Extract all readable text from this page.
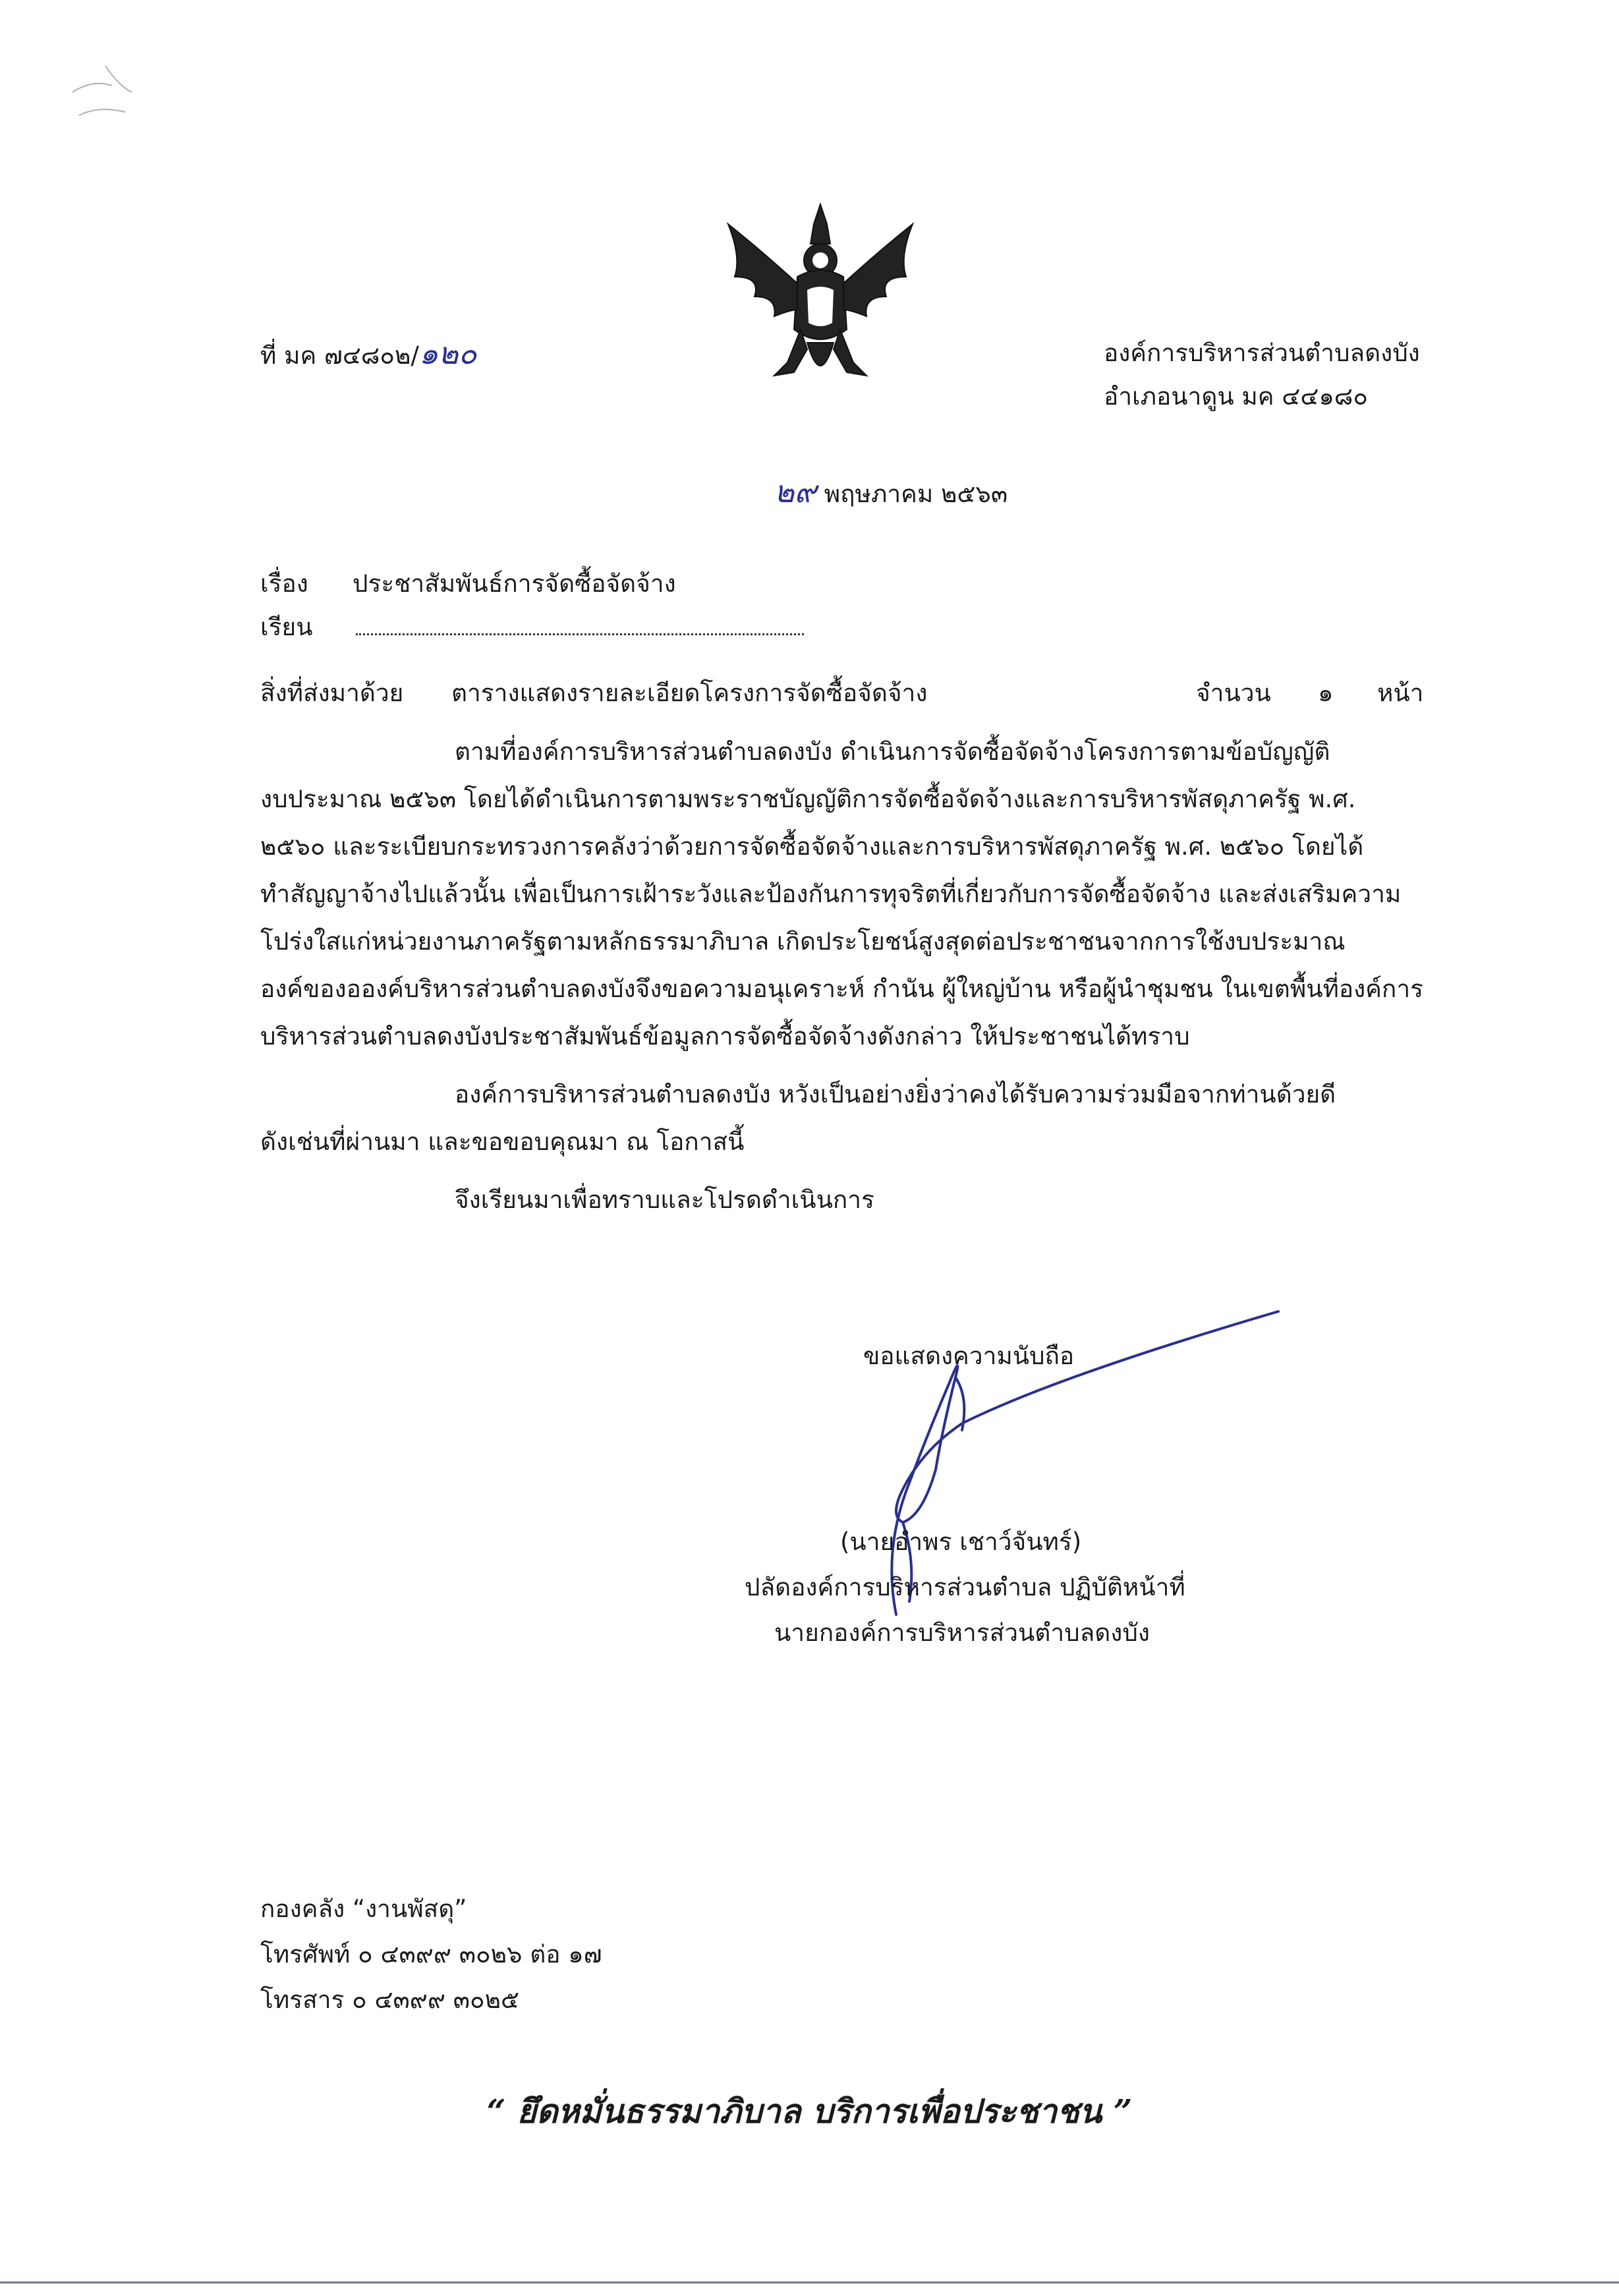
ที่ มค ๗๔๘๐๒/๑๒๐	องค์การบริหารส่วนตำบลดงบัง
อำเภอนาดูน มค ๔๔๑๘๐
๒๙ พฤษภาคม ๒๕๖๓
เรื่อง ประชาสัมพันธ์การจัดซื้อจัดจ้าง
เรียน
สิ่งที่ส่งมาด้วย ตารางแสดงรายละเอียดโครงการจัดซื้อจัดจ้าง	จำนวน ๑ หน้า
ตามที่องค์การบริหารส่วนตำบลดงบัง ดำเนินการจัดซื้อจัดจ้างโครงการตามข้อบัญญัติ
งบประมาณ ๒๕๖๓ โดยได้ดำเนินการตามพระราชบัญญัติการจัดซื้อจัดจ้างและการบริหารพัสดุภาครัฐ พ.ศ.
๒๕๖๐ และระเบียบกระทรวงการคลังว่าด้วยการจัดซื้อจัดจ้างและการบริหารพัสดุภาครัฐ พ.ศ. ๒๕๖๐ โดยได้
ทำสัญญาจ้างไปแล้วนั้น เพื่อเป็นการเฝ้าระวังและป้องกันการทุจริตที่เกี่ยวกับการจัดซื้อจัดจ้าง และส่งเสริมความ
โปร่งใสแก่หน่วยงานภาครัฐตามหลักธรรมาภิบาล เกิดประโยชน์สูงสุดต่อประชาชนจากการใช้งบประมาณ
องค์ของอองค์บริหารส่วนตำบลดงบังจึงขอความอนุเคราะห์ กำนัน ผู้ใหญ่บ้าน หรือผู้นำชุมชน ในเขตพื้นที่องค์การ
บริหารส่วนตำบลดงบังประชาสัมพันธ์ข้อมูลการจัดซื้อจัดจ้างดังกล่าว ให้ประชาชนได้ทราบ
องค์การบริหารส่วนตำบลดงบัง หวังเป็นอย่างยิ่งว่าคงได้รับความร่วมมือจากท่านด้วยดี
ดังเช่นที่ผ่านมา และขอขอบคุณมา ณ โอกาสนี้
จึงเรียนมาเพื่อทราบและโปรดดำเนินการ
ขอแสดงความนับถือ
(นายอำพร เชาว์จันทร์)
ปลัดองค์การบริหารส่วนตำบล ปฏิบัติหน้าที่
นายกองค์การบริหารส่วนตำบลดงบัง
กองคลัง “งานพัสดุ”
โทรศัพท์ ๐ ๔๓๙๙ ๓๐๒๖ ต่อ ๑๗
โทรสาร ๐ ๔๓๙๙ ๓๐๒๕
“ ยึดหมั่นธรรมาภิบาล บริการเพื่อประชาชน ”
